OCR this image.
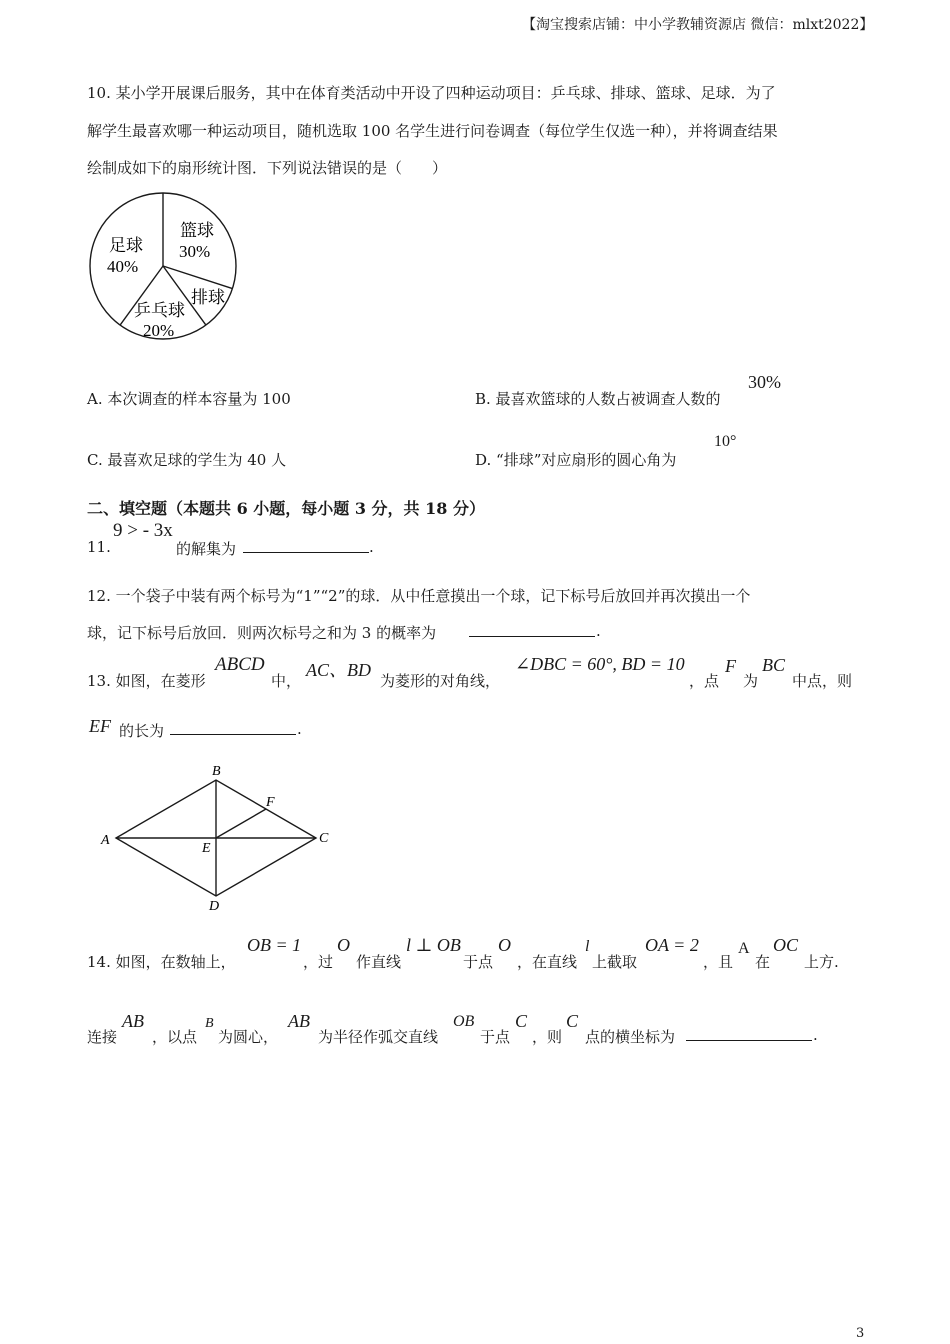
【淘宝搜索店铺：中小学教辅资源店 微信：mlxt2022】
10. 某小学开展课后服务，其中在体育类活动中开设了四种运动项目：乒乓球、排球、篮球、足球．为了
解学生最喜欢哪一种运动项目，随机选取 100 名学生进行问卷调查（每位学生仅选一种），并将调查结果
绘制成如下的扇形统计图．下列说法错误的是（　　）
篮球
30%
足球
40%
排球
乒乓球
20%
A. 本次调查的样本容量为 100	B. 最喜欢篮球的人数占被调查人数的
30%
C. 最喜欢足球的学生为 40 人	D. “排球”对应扇形的圆心角为
10°
二、填空题（本题共 6 小题，每小题 3 分，共 18 分）
11.
9 > - 3x
的解集为	.
12. 一个袋子中装有两个标号为“1”“2”的球．从中任意摸出一个球，记下标号后放回并再次摸出一个
球，记下标号后放回．则两次标号之和为 3 的概率为	.
13. 如图，在菱形
ABCD
中，
AC、BD
为菱形的对角线，
∠DBC = 60°, BD = 10
，点
F
为
BC
中点，则
EF 的长为	.
B
F
A	C
E
D
14. 如图，在数轴上，
OB = 1
，过
O
作直线
l ⊥ OB
于点
O
，在直线
l
上截取
OA = 2
，且
A
在
OC
上方.
连接
AB
，以点
B
为圆心，
AB
为半径作弧交直线
OB
于点
C
，则
C
点的横坐标为	.
3
